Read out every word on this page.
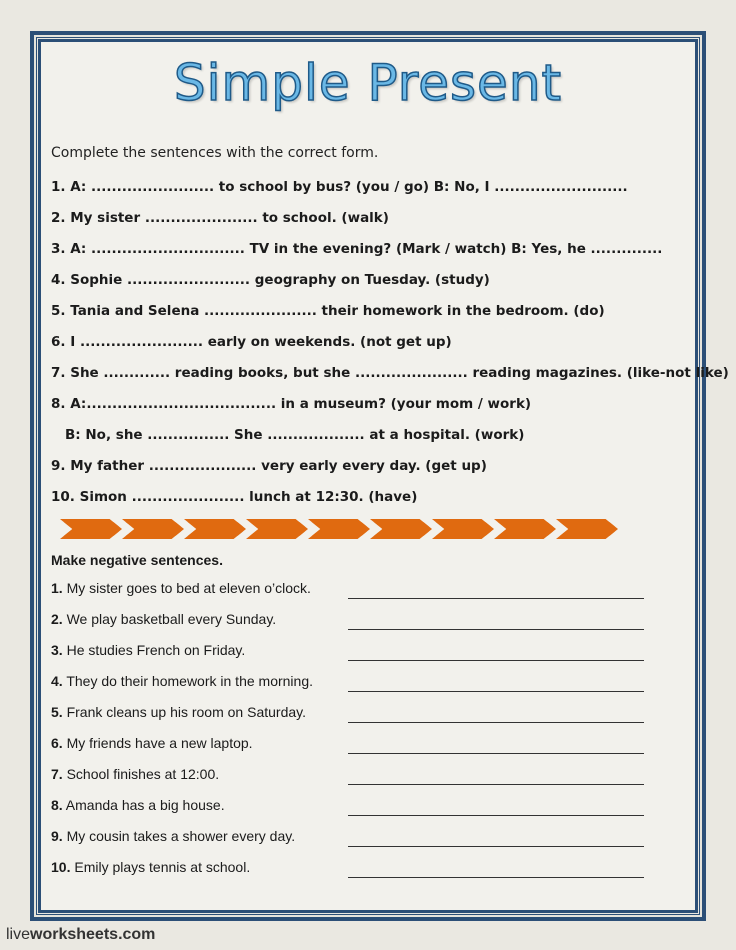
Simple Present
Complete the sentences with the correct form.
1. A: ........................ to school by bus? (you / go) B: No, I ..........................
2. My sister ...................... to school. (walk)
3. A: .............................. TV in the evening? (Mark / watch) B: Yes, he ..............
4. Sophie ........................ geography on Tuesday. (study)
5. Tania and Selena ...................... their homework in the bedroom. (do)
6. I ........................ early on weekends. (not get up)
7. She ............. reading books, but she ...................... reading magazines. (like-not like)
8. A:..................................... in a museum? (your mom / work)
B: No, she ................ She ................... at a hospital. (work)
9. My father ..................... very early every day. (get up)
10. Simon ...................... lunch at 12:30. (have)
Make negative sentences.
1. My sister goes to bed at eleven o’clock.
2. We play basketball every Sunday.
3. He studies French on Friday.
4. They do their homework in the morning.
5. Frank cleans up his room on Saturday.
6. My friends have a new laptop.
7. School finishes at 12:00.
8. Amanda has a big house.
9. My cousin takes a shower every day.
10. Emily plays tennis at school.
liveworksheets.com
